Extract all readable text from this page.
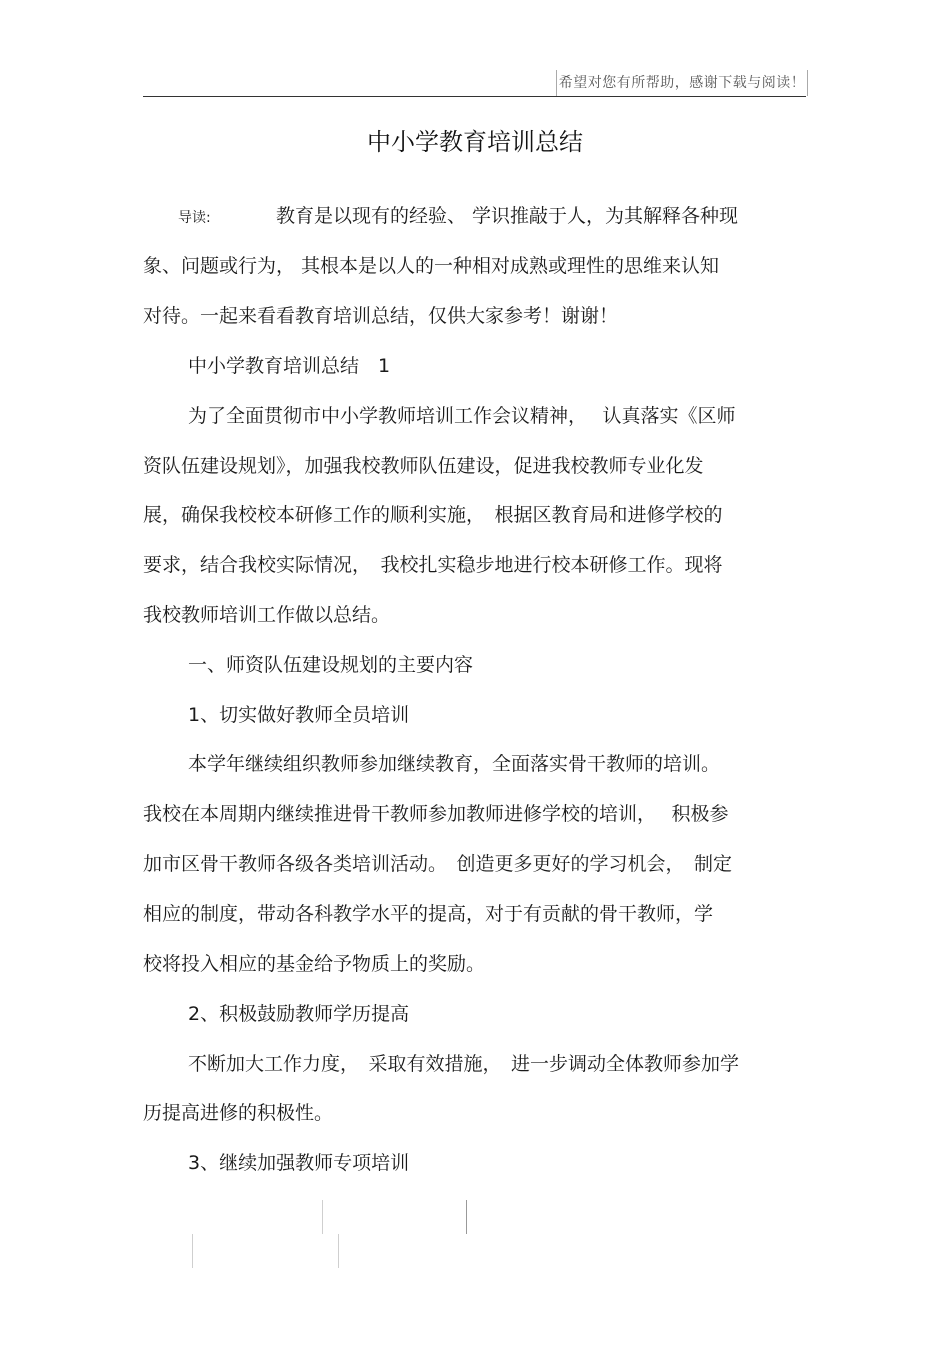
希望对您有所帮助，感谢下载与阅读！
中小学教育培训总结
导读:	教育是以现有的经验、 学识推敲于人，为其解释各种现
象、问题或行为， 其根本是以人的一种相对成熟或理性的思维来认知
对待。一起来看看教育培训总结，仅供大家参考！谢谢！
中小学教育培训总结　1
为了全面贯彻市中小学教师培训工作会议精神，　 认真落实《区师
资队伍建设规划》，加强我校教师队伍建设，促进我校教师专业化发
展，确保我校校本研修工作的顺利实施，　根据区教育局和进修学校的
要求，结合我校实际情况，　我校扎实稳步地进行校本研修工作。现将
我校教师培训工作做以总结。
一、师资队伍建设规划的主要内容
1、切实做好教师全员培训
本学年继续组织教师参加继续教育，全面落实骨干教师的培训。
我校在本周期内继续推进骨干教师参加教师进修学校的培训，　 积极参
加市区骨干教师各级各类培训活动。　创造更多更好的学习机会，　制定
相应的制度，带动各科教学水平的提高，对于有贡献的骨干教师，学
校将投入相应的基金给予物质上的奖励。
2、积极鼓励教师学历提高
不断加大工作力度，　采取有效措施，　进一步调动全体教师参加学
历提高进修的积极性。
3、继续加强教师专项培训
